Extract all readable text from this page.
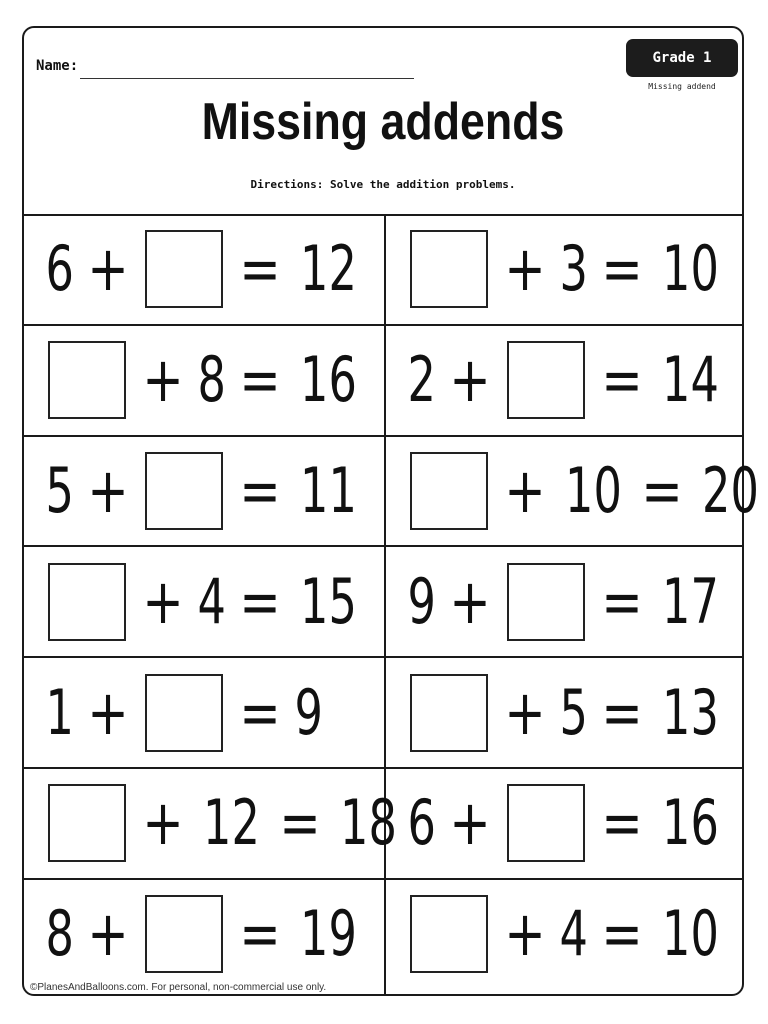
Name:	Grade 1
Missing addend
Missing addends
Directions: Solve the addition problems.
6 + = 12 + 3 = 10
+ 8 = 16 2 + = 14
5 + = 11 + 10 = 20
+ 4 = 15 9 + = 17
1 + = 9	+ 5 = 13
+ 12 = 18 6 + = 16
8 + = 19 + 4 = 10
©PlanesAndBalloons.com. For personal, non-commercial use only.
